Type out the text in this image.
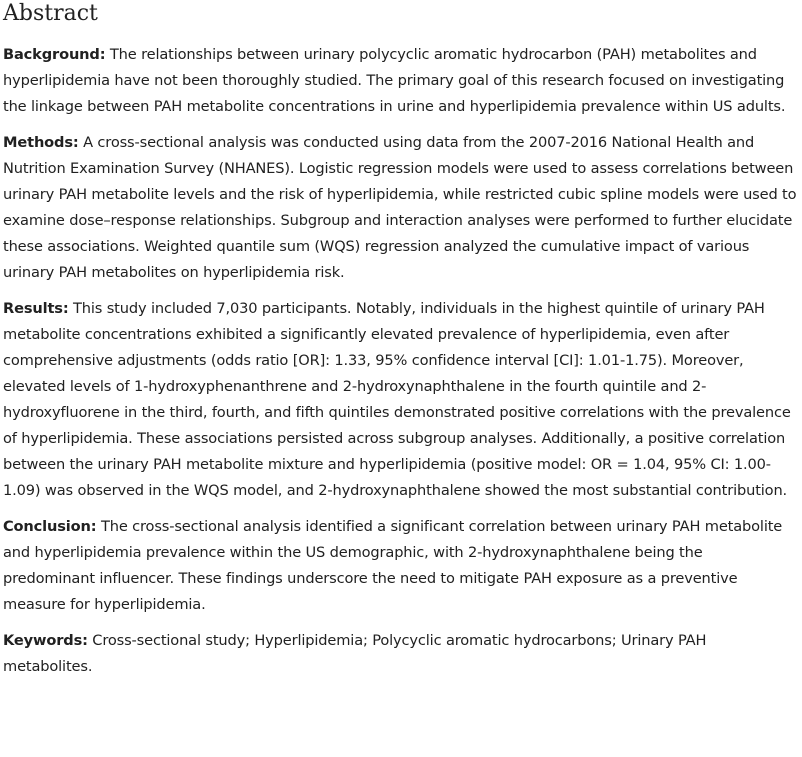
Abstract

Background: The relationships between urinary polycyclic aromatic hydrocarbon (PAH) metabolites and hyperlipidemia have not been thoroughly studied. The primary goal of this research focused on investigating the linkage between PAH metabolite concentrations in urine and hyperlipidemia prevalence within US adults.

Methods: A cross-sectional analysis was conducted using data from the 2007-2016 National Health and Nutrition Examination Survey (NHANES). Logistic regression models were used to assess correlations between urinary PAH metabolite levels and the risk of hyperlipidemia, while restricted cubic spline models were used to examine dose–response relationships. Subgroup and interaction analyses were performed to further elucidate these associations. Weighted quantile sum (WQS) regression analyzed the cumulative impact of various urinary PAH metabolites on hyperlipidemia risk.

Results: This study included 7,030 participants. Notably, individuals in the highest quintile of urinary PAH metabolite concentrations exhibited a significantly elevated prevalence of hyperlipidemia, even after comprehensive adjustments (odds ratio [OR]: 1.33, 95% confidence interval [CI]: 1.01-1.75). Moreover, elevated levels of 1-hydroxyphenanthrene and 2-hydroxynaphthalene in the fourth quintile and 2-hydroxyfluorene in the third, fourth, and fifth quintiles demonstrated positive correlations with the prevalence of hyperlipidemia. These associations persisted across subgroup analyses. Additionally, a positive correlation between the urinary PAH metabolite mixture and hyperlipidemia (positive model: OR = 1.04, 95% CI: 1.00-1.09) was observed in the WQS model, and 2-hydroxynaphthalene showed the most substantial contribution.

Conclusion: The cross-sectional analysis identified a significant correlation between urinary PAH metabolite and hyperlipidemia prevalence within the US demographic, with 2-hydroxynaphthalene being the predominant influencer. These findings underscore the need to mitigate PAH exposure as a preventive measure for hyperlipidemia.

Keywords: Cross-sectional study; Hyperlipidemia; Polycyclic aromatic hydrocarbons; Urinary PAH metabolites.
